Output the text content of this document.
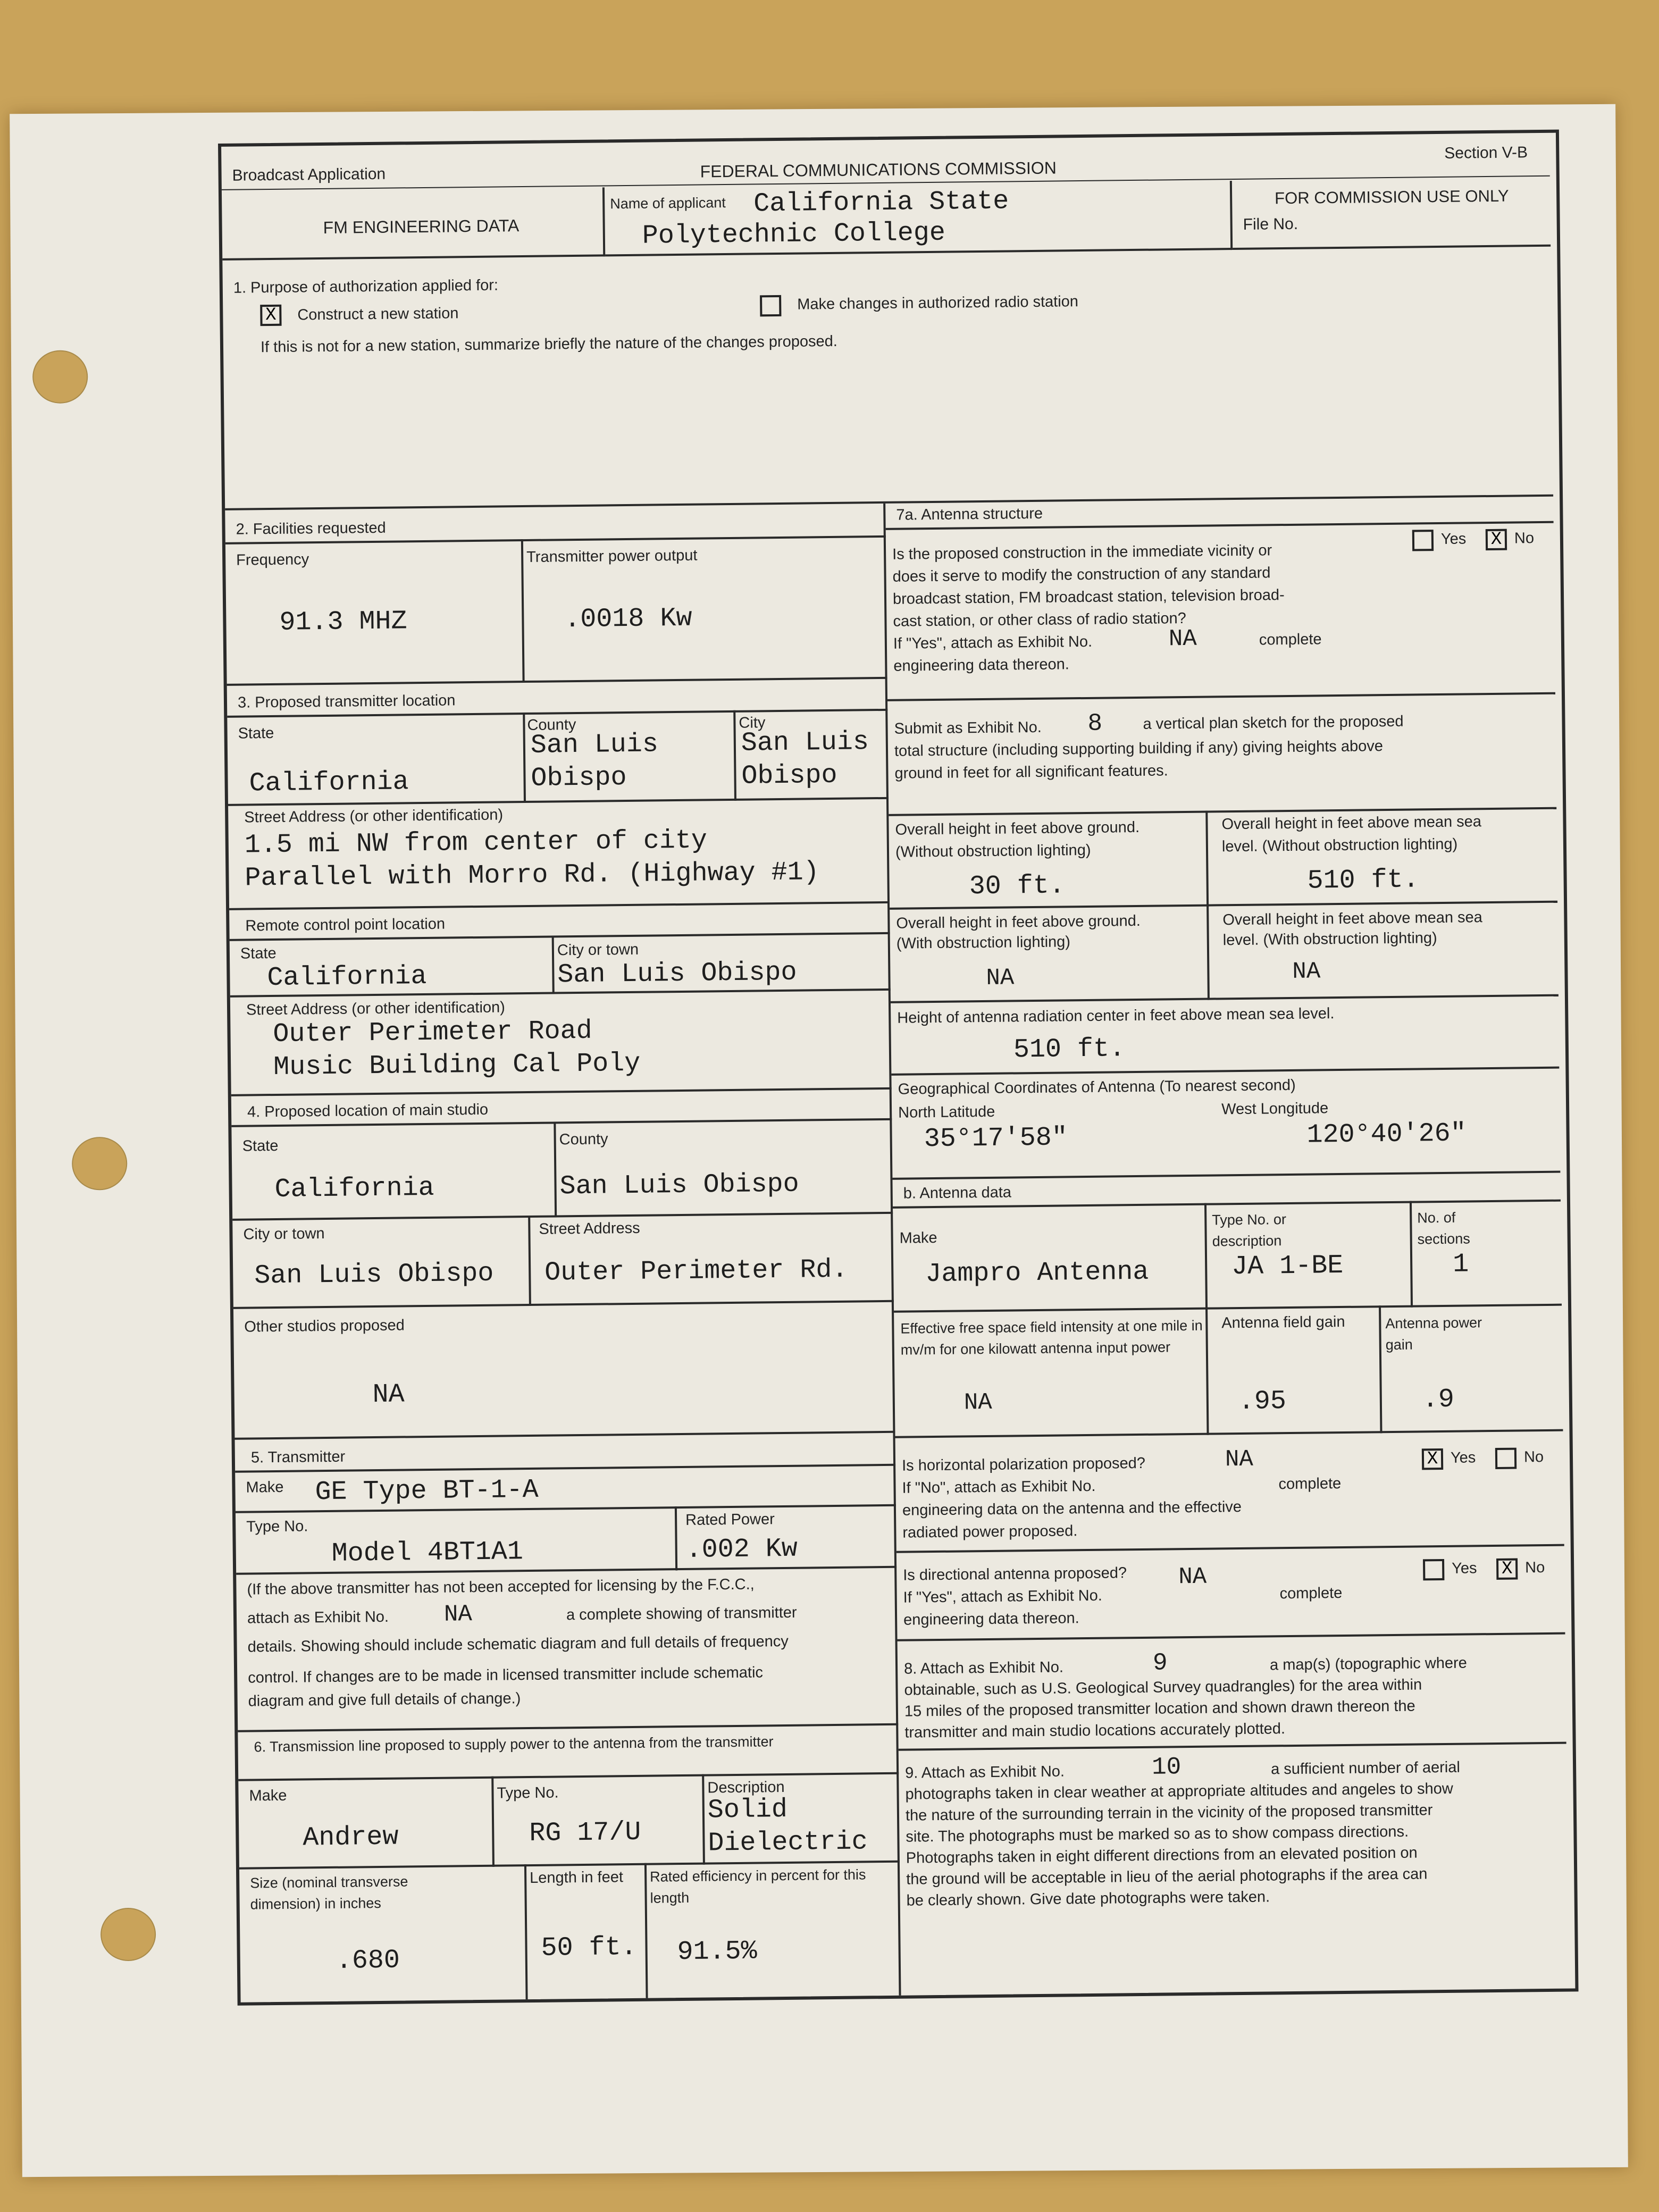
Broadcast Application	FEDERAL COMMUNICATIONS COMMISSION
Section V-B
FM ENGINEERING DATA
Name of applicant California State
Polytechnic College
FOR COMMISSION USE ONLY
File No.
1. Purpose of authorization applied for:
X	Construct a new station
Make changes in authorized radio station
If this is not for a new station, summarize briefly the nature of the changes proposed.
2. Facilities requested
Frequency
91.3 MHZ
Transmitter power output
.0018 Kw
3. Proposed transmitter location
State
California
County
San Luis
Obispo
City
San Luis
Obispo
Street Address (or other identification)
1.5 mi NW from center of city
Parallel with Morro Rd. (Highway #1)
Remote control point location
State
California
City or town
San Luis Obispo
Street Address (or other identification)
Outer Perimeter Road
Music Building Cal Poly
4. Proposed location of main studio
State
California
County
San Luis Obispo
City or town
San Luis Obispo
Street Address
Outer Perimeter Rd.
Other studios proposed
NA
5. Transmitter
Make GE Type BT-1-A
Type No.
Model 4BT1A1
Rated Power
.002 Kw
(If the above transmitter has not been accepted for licensing by the F.C.C.,
attach as Exhibit No. NA	a complete showing of transmitter
details. Showing should include schematic diagram and full details of frequency
control. If changes are to be made in licensed transmitter include schematic
diagram and give full details of change.)
6. Transmission line proposed to supply power to the antenna from the transmitter
Make
Andrew
Type No.
RG 17/U
Description
Solid
Dielectric
Size (nominal transverse dimension) in inches
.680
Length in feet
50 ft.
Rated efficiency in percent for this length
91.5%
7a. Antenna structure
Is the proposed construction in the immediate vicinity or
does it serve to modify the construction of any standard
broadcast station, FM broadcast station, television broad-
cast station, or other class of radio station?
If "Yes", attach as Exhibit No.	NA	complete
engineering data thereon.
Yes X No
Submit as Exhibit No. 8	a vertical plan sketch for the proposed
total structure (including supporting building if any) giving heights above
ground in feet for all significant features.
Overall height in feet above ground.
(Without obstruction lighting)
30 ft.
Overall height in feet above mean sea
level. (Without obstruction lighting)
510 ft.
Overall height in feet above ground.
(With obstruction lighting)
NA
Overall height in feet above mean sea
level. (With obstruction lighting)
NA
Height of antenna radiation center in feet above mean sea level.
510 ft.
Geographical Coordinates of Antenna (To nearest second)
North Latitude
35°17'58"
West Longitude
120°40'26"
b. Antenna data
Make
Jampro Antenna
Type No. or description
JA 1-BE
No. of sections
1
Effective free space field intensity at one mile in mv/m for one kilowatt antenna input power
NA
Antenna field gain
.95
Antenna power gain
.9
Is horizontal polarization proposed?	NA
If "No", attach as Exhibit No.	complete
engineering data on the antenna and the effective
radiated power proposed.
X Yes	No
Is directional antenna proposed? NA
If "Yes", attach as Exhibit No.	complete
engineering data thereon.
Yes X No
8. Attach as Exhibit No.	9	a map(s) (topographic where
obtainable, such as U.S. Geological Survey quadrangles) for the area within
15 miles of the proposed transmitter location and shown drawn thereon the
transmitter and main studio locations accurately plotted.
9. Attach as Exhibit No.	10	a sufficient number of aerial
photographs taken in clear weather at appropriate altitudes and angeles to show
the nature of the surrounding terrain in the vicinity of the proposed transmitter
site. The photographs must be marked so as to show compass directions.
Photographs taken in eight different directions from an elevated position on
the ground will be acceptable in lieu of the aerial photographs if the area can
be clearly shown. Give date photographs were taken.
